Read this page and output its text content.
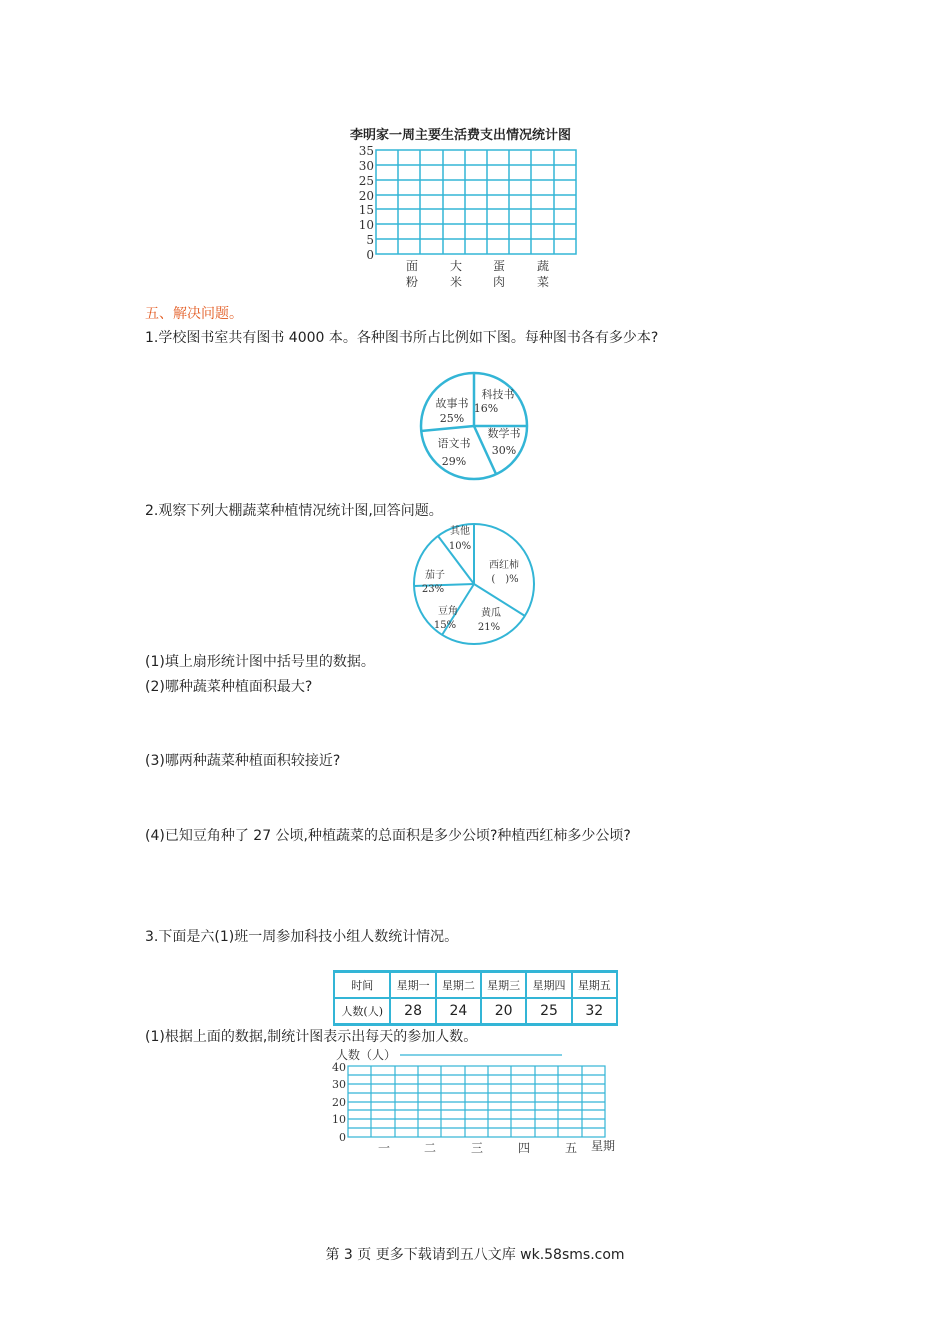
李明家一周主要生活费支出情况统计图
35
30
25
20
15
10
5
0
面
粉
大
米
蛋
肉
蔬
菜
五、解决问题。
1.学校图书室共有图书 4000 本。各种图书所占比例如下图。每种图书各有多少本?
故事书
25%
科技书
16%
数学书
30%
语文书
29%
2.观察下列大棚蔬菜种植情况统计图,回答问题。
其他
10%
西红柿
(　)%
黄瓜
21%
豆角
15%
茄子
23%
(1)填上扇形统计图中括号里的数据。
(2)哪种蔬菜种植面积最大?
(3)哪两种蔬菜种植面积较接近?
(4)已知豆角种了 27 公顷,种植蔬菜的总面积是多少公顷?种植西红柿多少公顷?
3.下面是六(1)班一周参加科技小组人数统计情况。
时间	星期一	星期二	星期三	星期四	星期五
人数(人)	28	24	20	25	32
(1)根据上面的数据,制统计图表示出每天的参加人数。
人数（人）
40
30
20
10
0
一	二	三	四	五 星期
第 3 页 更多下载请到五八文库 wk.58sms.com
